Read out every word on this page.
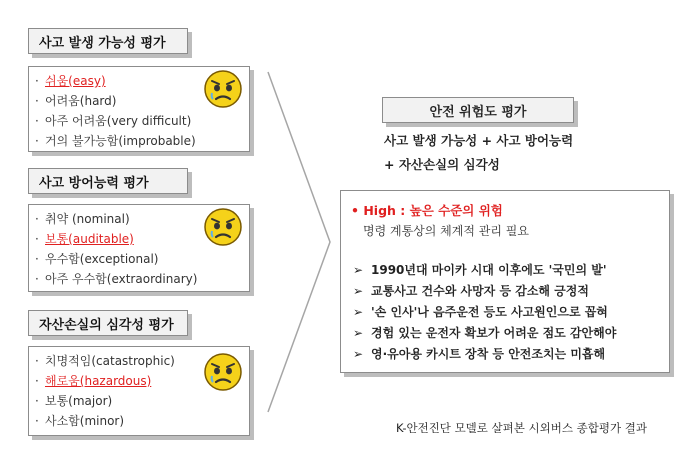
사고 발생 가능성 평가
· 쉬움(easy)
· 어려움(hard)
· 아주 어려움(very difficult)
· 거의 불가능함(improbable)
사고 방어능력 평가
· 취약 (nominal)
· 보통(auditable)
· 우수함(exceptional)
· 아주 우수함(extraordinary)
자산손실의 심각성 평가
· 치명적임(catastrophic)
· 해로움(hazardous)
· 보통(major)
· 사소함(minor)
안전 위험도 평가
사고 발생 가능성 + 사고 방어능력
+ 자산손실의 심각성
• High : 높은 수준의 위험
명령 계통상의 체계적 관리 필요
➢ 1990년대 마이카 시대 이후에도 '국민의 발'
➢ 교통사고 건수와 사망자 등 감소해 긍정적
➢ '손 인사'나 음주운전 등도 사고원인으로 꼽혀
➢ 경험 있는 운전자 확보가 어려운 점도 감안해야
➢ 영·유아용 카시트 장착 등 안전조치는 미흡해
K-안전진단 모델로 살펴본 시외버스 종합평가 결과
